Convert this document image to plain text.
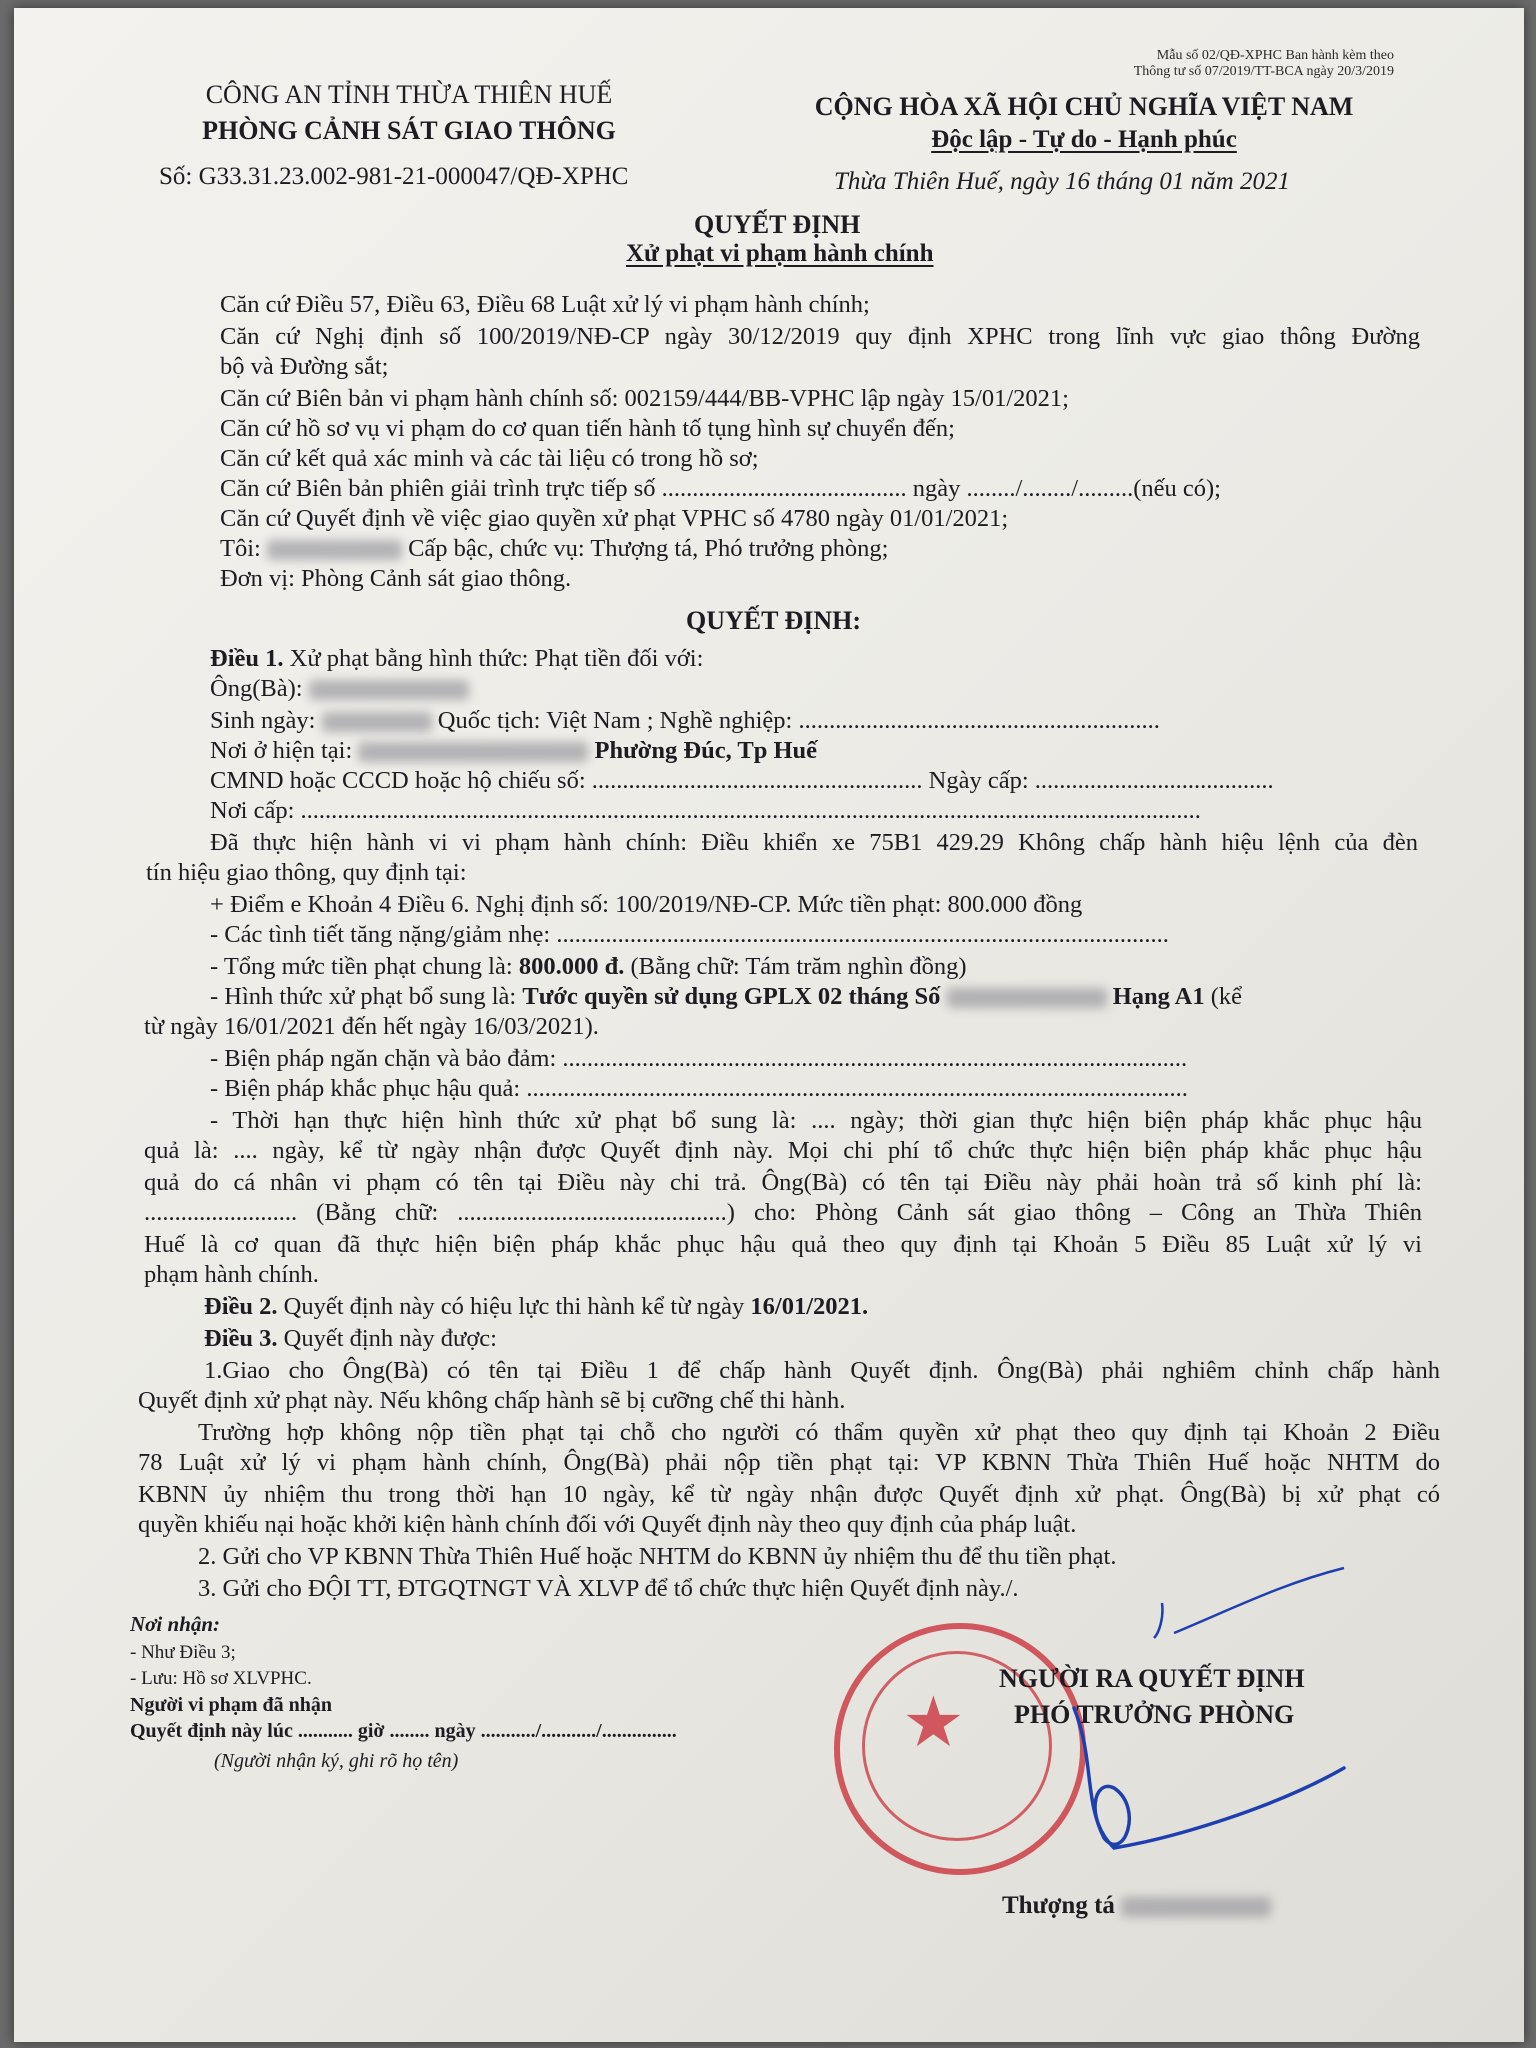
Mẫu số 02/QĐ-XPHC Ban hành kèm theo
Thông tư số 07/2019/TT-BCA ngày 20/3/2019
CÔNG AN TỈNH THỪA THIÊN HUẾ
PHÒNG CẢNH SÁT GIAO THÔNG
Số: G33.31.23.002-981-21-000047/QĐ-XPHC
CỘNG HÒA XÃ HỘI CHỦ NGHĨA VIỆT NAM
Độc lập - Tự do - Hạnh phúc
Thừa Thiên Huế, ngày 16 tháng 01 năm 2021
QUYẾT ĐỊNH
Xử phạt vi phạm hành chính
Căn cứ Điều 57, Điều 63, Điều 68 Luật xử lý vi phạm hành chính;
Căn cứ Nghị định số 100/2019/NĐ-CP ngày 30/12/2019 quy định XPHC trong lĩnh vực giao thông Đường
bộ và Đường sắt;
Căn cứ Biên bản vi phạm hành chính số: 002159/444/BB-VPHC lập ngày 15/01/2021;
Căn cứ hồ sơ vụ vi phạm do cơ quan tiến hành tố tụng hình sự chuyển đến;
Căn cứ kết quả xác minh và các tài liệu có trong hồ sơ;
Căn cứ Biên bản phiên giải trình trực tiếp số ........................................ ngày ......../......../.........(nếu có);
Căn cứ Quyết định về việc giao quyền xử phạt VPHC số 4780 ngày 01/01/2021;
Tôi:	Cấp bậc, chức vụ: Thượng tá, Phó trưởng phòng;
Đơn vị: Phòng Cảnh sát giao thông.
QUYẾT ĐỊNH:
Điều 1. Xử phạt bằng hình thức: Phạt tiền đối với:
Ông(Bà):
Sinh ngày:	Quốc tịch: Việt Nam ; Nghề nghiệp: ...........................................................
Nơi ở hiện tại:	Phường Đúc, Tp Huế
CMND hoặc CCCD hoặc hộ chiếu số: ...................................................... Ngày cấp: .......................................
Nơi cấp: ...................................................................................................................................................
Đã thực hiện hành vi vi phạm hành chính: Điều khiển xe 75B1 429.29 Không chấp hành hiệu lệnh của đèn
tín hiệu giao thông, quy định tại:
+ Điểm e Khoản 4 Điều 6. Nghị định số: 100/2019/NĐ-CP. Mức tiền phạt: 800.000 đồng
- Các tình tiết tăng nặng/giảm nhẹ: ....................................................................................................
- Tổng mức tiền phạt chung là: 800.000 đ. (Bằng chữ: Tám trăm nghìn đồng)
- Hình thức xử phạt bổ sung là: Tước quyền sử dụng GPLX 02 tháng Số	Hạng A1 (kể
từ ngày 16/01/2021 đến hết ngày 16/03/2021).
- Biện pháp ngăn chặn và bảo đảm: ......................................................................................................
- Biện pháp khắc phục hậu quả: ............................................................................................................
- Thời hạn thực hiện hình thức xử phạt bổ sung là: .... ngày; thời gian thực hiện biện pháp khắc phục hậu
quả là: .... ngày, kể từ ngày nhận được Quyết định này. Mọi chi phí tổ chức thực hiện biện pháp khắc phục hậu
quả do cá nhân vi phạm có tên tại Điều này chi trả. Ông(Bà) có tên tại Điều này phải hoàn trả số kinh phí là:
......................... (Bằng chữ: ............................................) cho: Phòng Cảnh sát giao thông – Công an Thừa Thiên
Huế là cơ quan đã thực hiện biện pháp khắc phục hậu quả theo quy định tại Khoản 5 Điều 85 Luật xử lý vi
phạm hành chính.
Điều 2. Quyết định này có hiệu lực thi hành kể từ ngày 16/01/2021.
Điều 3. Quyết định này được:
1.Giao cho Ông(Bà) có tên tại Điều 1 để chấp hành Quyết định. Ông(Bà) phải nghiêm chỉnh chấp hành
Quyết định xử phạt này. Nếu không chấp hành sẽ bị cưỡng chế thi hành.
Trường hợp không nộp tiền phạt tại chỗ cho người có thẩm quyền xử phạt theo quy định tại Khoản 2 Điều
78 Luật xử lý vi phạm hành chính, Ông(Bà) phải nộp tiền phạt tại: VP KBNN Thừa Thiên Huế hoặc NHTM do
KBNN ủy nhiệm thu trong thời hạn 10 ngày, kể từ ngày nhận được Quyết định xử phạt. Ông(Bà) bị xử phạt có
quyền khiếu nại hoặc khởi kiện hành chính đối với Quyết định này theo quy định của pháp luật.
2. Gửi cho VP KBNN Thừa Thiên Huế hoặc NHTM do KBNN ủy nhiệm thu để thu tiền phạt.
3. Gửi cho ĐỘI TT, ĐTGQTNGT VÀ XLVP để tổ chức thực hiện Quyết định này./.
Nơi nhận:
- Như Điều 3;
- Lưu: Hồ sơ XLVPHC.
Người vi phạm đã nhận
Quyết định này lúc ........... giờ ........ ngày .........../.........../...............
(Người nhận ký, ghi rõ họ tên)	★
NGƯỜI RA QUYẾT ĐỊNH
PHÓ TRƯỞNG PHÒNG
Thượng tá
